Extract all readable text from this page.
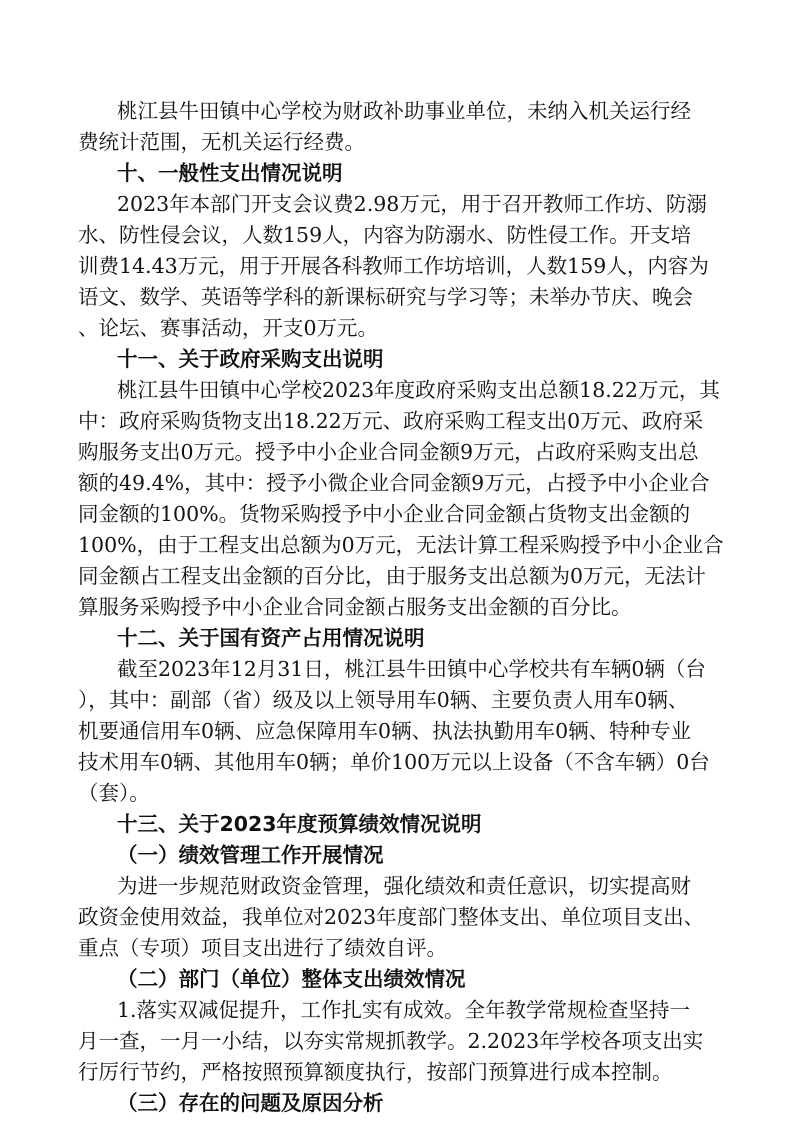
桃江县牛田镇中心学校为财政补助事业单位，未纳入机关运行经
费统计范围，无机关运行经费。
十、一般性支出情况说明
2023年本部门开支会议费2.98万元，用于召开教师工作坊、防溺
水、防性侵会议，人数159人，内容为防溺水、防性侵工作。开支培
训费14.43万元，用于开展各科教师工作坊培训，人数159人，内容为
语文、数学、英语等学科的新课标研究与学习等；未举办节庆、晚会
、论坛、赛事活动，开支0万元。
十一、关于政府采购支出说明
桃江县牛田镇中心学校2023年度政府采购支出总额18.22万元，其
中：政府采购货物支出18.22万元、政府采购工程支出0万元、政府采
购服务支出0万元。授予中小企业合同金额9万元，占政府采购支出总
额的49.4%，其中：授予小微企业合同金额9万元，占授予中小企业合
同金额的100%。货物采购授予中小企业合同金额占货物支出金额的
100%，由于工程支出总额为0万元，无法计算工程采购授予中小企业合
同金额占工程支出金额的百分比，由于服务支出总额为0万元，无法计
算服务采购授予中小企业合同金额占服务支出金额的百分比。
十二、关于国有资产占用情况说明
截至2023年12月31日，桃江县牛田镇中心学校共有车辆0辆（台
），其中：副部（省）级及以上领导用车0辆、主要负责人用车0辆、
机要通信用车0辆、应急保障用车0辆、执法执勤用车0辆、特种专业
技术用车0辆、其他用车0辆；单价100万元以上设备（不含车辆）0台
（套）。
十三、关于2023年度预算绩效情况说明
（一）绩效管理工作开展情况
为进一步规范财政资金管理，强化绩效和责任意识，切实提高财
政资金使用效益，我单位对2023年度部门整体支出、单位项目支出、
重点（专项）项目支出进行了绩效自评。
（二）部门（单位）整体支出绩效情况
1.落实双减促提升，工作扎实有成效。全年教学常规检查坚持一
月一查，一月一小结，以夯实常规抓教学。2.2023年学校各项支出实
行厉行节约，严格按照预算额度执行，按部门预算进行成本控制。
（三）存在的问题及原因分析
